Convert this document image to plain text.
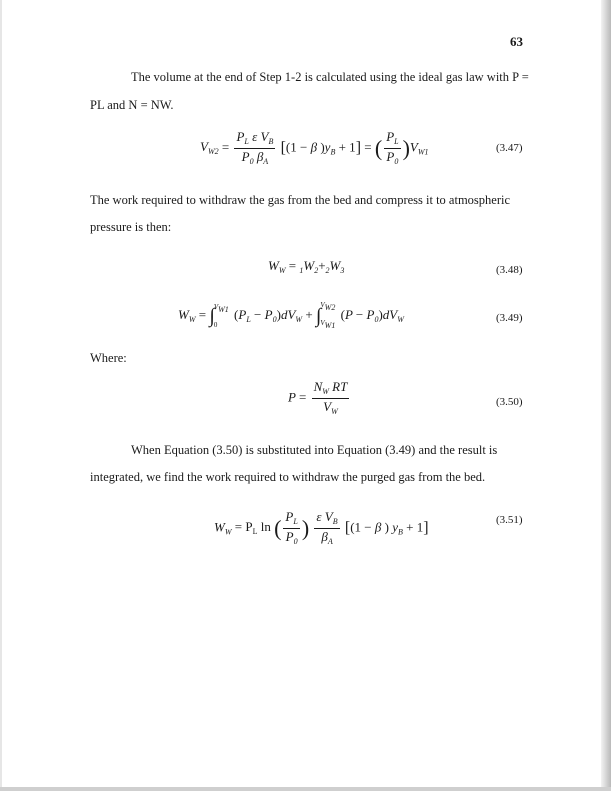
63
The volume at the end of Step 1-2 is calculated using the ideal gas law with P =
PL and N = NW.
$V_{W2} = \frac{P_L \varepsilon V_B}{P_0 \beta_A} [(1 - \beta$ )$y_B + 1$] = ( $\frac{P_L}{P_0} )V_{W1}$	(3.47)
The work required to withdraw the gas from the bed and compress it to atmospheric
pressure is then:
$W_W = _1W_2+_2W_3$	(3.48)
$W_W$ = ∫ $V_{W1}$
0
$(P_L - P_0)dV_W$ + ∫ $V_{W2}$
$V_{W1}$
$(P - P_0)dV_W$	(3.49)
Where:
$P = \frac{N_W RT}{V_W}$	(3.50)
When Equation (3.50) is substituted into Equation (3.49) and the result is
integrated, we find the work required to withdraw the purged gas from the bed.
$W_W = P_L$ ln ( $\frac{P_L}{P_0}$ ) $\frac{\varepsilon V_B}{\beta_A} [(1 - \beta$ ) $y_B + 1$]	(3.51)
